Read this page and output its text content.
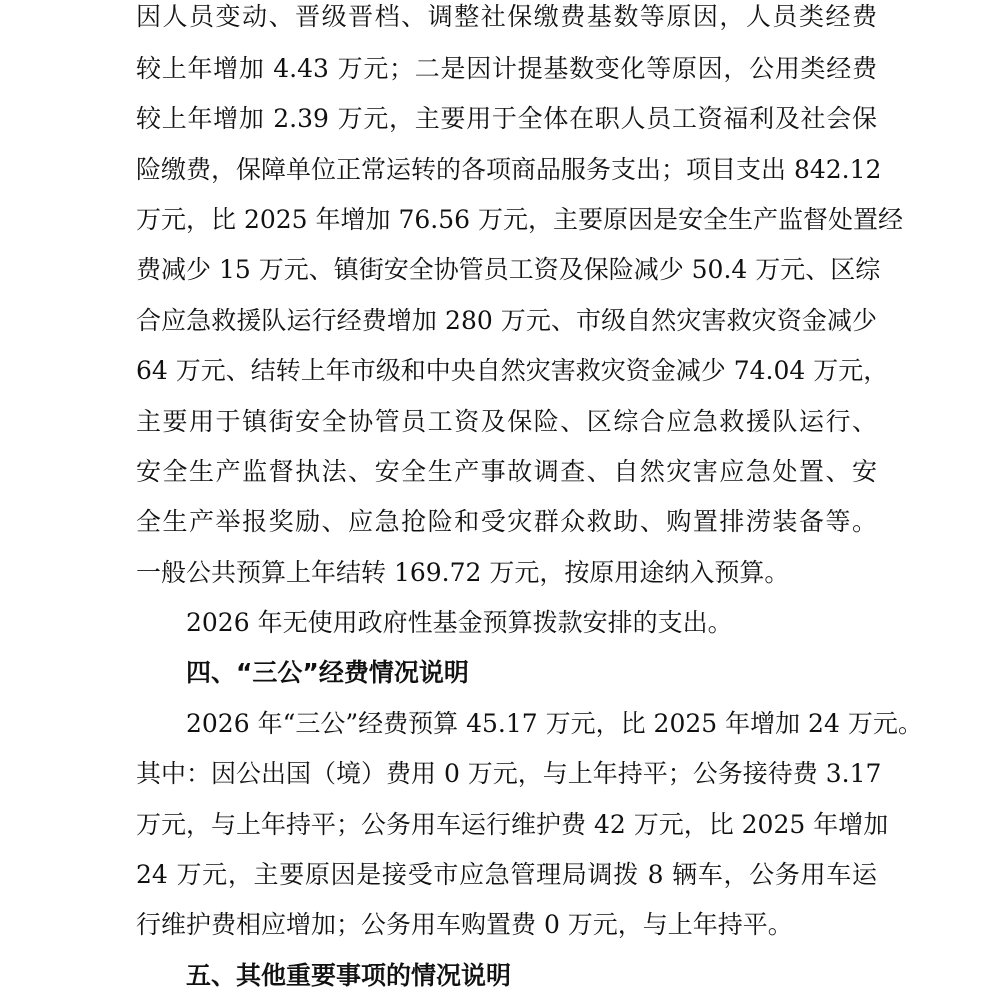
因人员变动、晋级晋档、调整社保缴费基数等原因，人员类经费
较上年增加 4.43 万元；二是因计提基数变化等原因，公用类经费
较上年增加 2.39 万元，主要用于全体在职人员工资福利及社会保
险缴费，保障单位正常运转的各项商品服务支出；项目支出 842.12
万元，比 2025 年增加 76.56 万元，主要原因是安全生产监督处置经
费减少 15 万元、镇街安全协管员工资及保险减少 50.4 万元、区综
合应急救援队运行经费增加 280 万元、市级自然灾害救灾资金减少
64 万元、结转上年市级和中央自然灾害救灾资金减少 74.04 万元，
主要用于镇街安全协管员工资及保险、区综合应急救援队运行、
安全生产监督执法、安全生产事故调查、自然灾害应急处置、安
全生产举报奖励、应急抢险和受灾群众救助、购置排涝装备等。
一般公共预算上年结转 169.72 万元，按原用途纳入预算。
2026 年无使用政府性基金预算拨款安排的支出。
四、“三公”经费情况说明
2026 年“三公”经费预算 45.17 万元，比 2025 年增加 24 万元。
其中：因公出国（境）费用 0 万元，与上年持平；公务接待费 3.17
万元，与上年持平；公务用车运行维护费 42 万元，比 2025 年增加
24 万元，主要原因是接受市应急管理局调拨 8 辆车，公务用车运
行维护费相应增加；公务用车购置费 0 万元，与上年持平。
五、其他重要事项的情况说明
